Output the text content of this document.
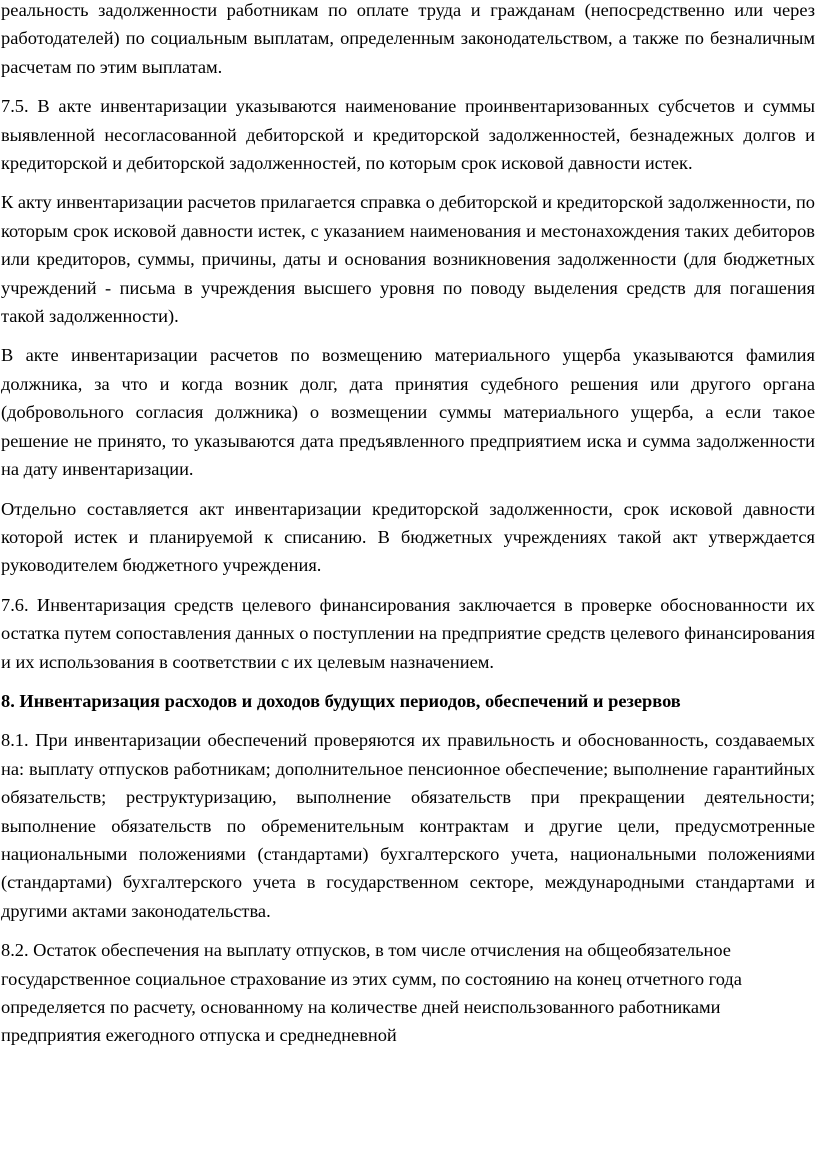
реальность задолженности работникам по оплате труда и гражданам (непосредственно или через работодателей) по социальным выплатам, определенным законодательством, а также по безналичным расчетам по этим выплатам.

7.5. В акте инвентаризации указываются наименование проинвентаризованных субсчетов и суммы выявленной несогласованной дебиторской и кредиторской задолженностей, безнадежных долгов и кредиторской и дебиторской задолженностей, по которым срок исковой давности истек.

К акту инвентаризации расчетов прилагается справка о дебиторской и кредиторской задолженности, по которым срок исковой давности истек, с указанием наименования и местонахождения таких дебиторов или кредиторов, суммы, причины, даты и основания возникновения задолженности (для бюджетных учреждений - письма в учреждения высшего уровня по поводу выделения средств для погашения такой задолженности).

В акте инвентаризации расчетов по возмещению материального ущерба указываются фамилия должника, за что и когда возник долг, дата принятия судебного решения или другого органа (добровольного согласия должника) о возмещении суммы материального ущерба, а если такое решение не принято, то указываются дата предъявленного предприятием иска и сумма задолженности на дату инвентаризации.

Отдельно составляется акт инвентаризации кредиторской задолженности, срок исковой давности которой истек и планируемой к списанию. В бюджетных учреждениях такой акт утверждается руководителем бюджетного учреждения.

7.6. Инвентаризация средств целевого финансирования заключается в проверке обоснованности их остатка путем сопоставления данных о поступлении на предприятие средств целевого финансирования и их использования в соответствии с их целевым назначением.

8. Инвентаризация расходов и доходов будущих периодов, обеспечений и резервов

8.1. При инвентаризации обеспечений проверяются их правильность и обоснованность, создаваемых на: выплату отпусков работникам; дополнительное пенсионное обеспечение; выполнение гарантийных обязательств; реструктуризацию, выполнение обязательств при прекращении деятельности; выполнение обязательств по обременительным контрактам и другие цели, предусмотренные национальными положениями (стандартами) бухгалтерского учета, национальными положениями (стандартами) бухгалтерского учета в государственном секторе, международными стандартами и другими актами законодательства.

8.2. Остаток обеспечения на выплату отпусков, в том числе отчисления на общеобязательное государственное социальное страхование из этих сумм, по состоянию на конец отчетного года определяется по расчету, основанному на количестве дней неиспользованного работниками предприятия ежегодного отпуска и среднедневной
